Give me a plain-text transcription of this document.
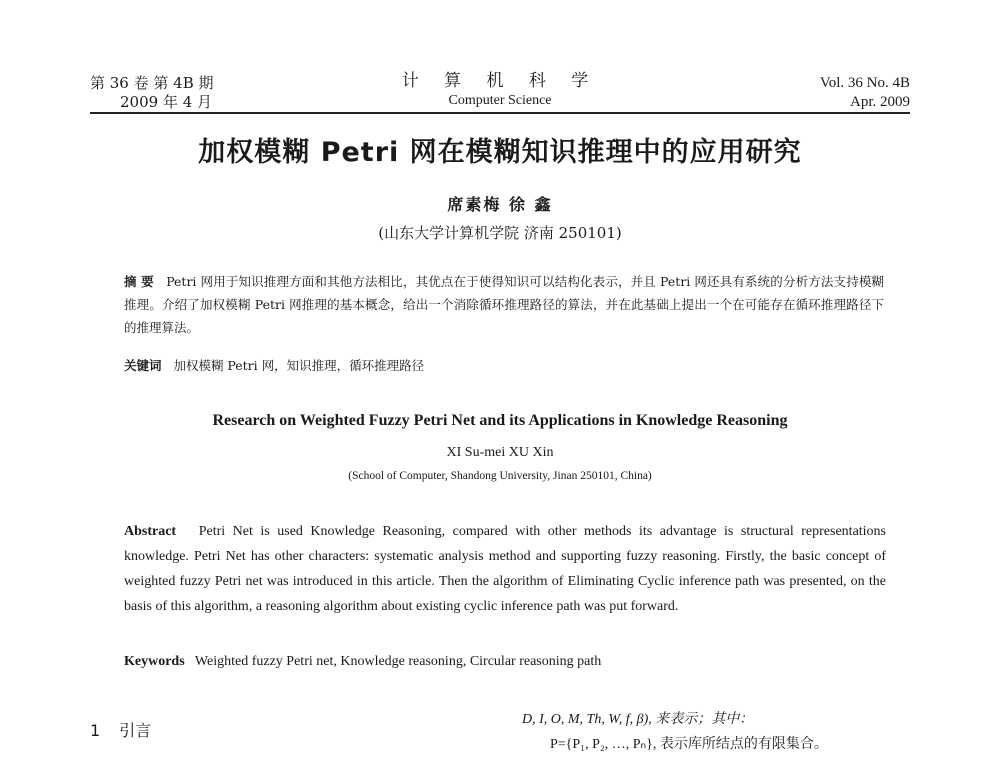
第 36 卷 第 4B 期
2009 年 4 月
计 算 机 科 学
Computer Science
Vol. 36 No. 4B
Apr. 2009
加权模糊 Petri 网在模糊知识推理中的应用研究
席素梅 徐 鑫
(山东大学计算机学院 济南 250101)
摘 要 Petri 网用于知识推理方面和其他方法相比，其优点在于使得知识可以结构化表示，并且 Petri 网还具有系统的分析方法支持模糊推理。介绍了加权模糊 Petri 网推理的基本概念，给出一个消除循环推理路径的算法，并在此基础上提出一个在可能存在循环推理路径下的推理算法。
关键词 加权模糊 Petri 网，知识推理，循环推理路径
Research on Weighted Fuzzy Petri Net and its Applications in Knowledge Reasoning
XI Su-mei XU Xin
(School of Computer, Shandong University, Jinan 250101, China)
Abstract Petri Net is used Knowledge Reasoning, compared with other methods its advantage is structural representations knowledge. Petri Net has other characters: systematic analysis method and supporting fuzzy reasoning. Firstly, the basic concept of weighted fuzzy Petri net was introduced in this article. Then the algorithm of Eliminating Cyclic inference path was presented, on the basis of this algorithm, a reasoning algorithm about existing cyclic inference path was put forward.
Keywords Weighted fuzzy Petri net, Knowledge reasoning, Circular reasoning path
1 引言
D, I, O, M, Th, W, f, β), 来表示；其中：
P={P₁, P₂, …, Pₙ}, 表示库所结点的有限集合。
